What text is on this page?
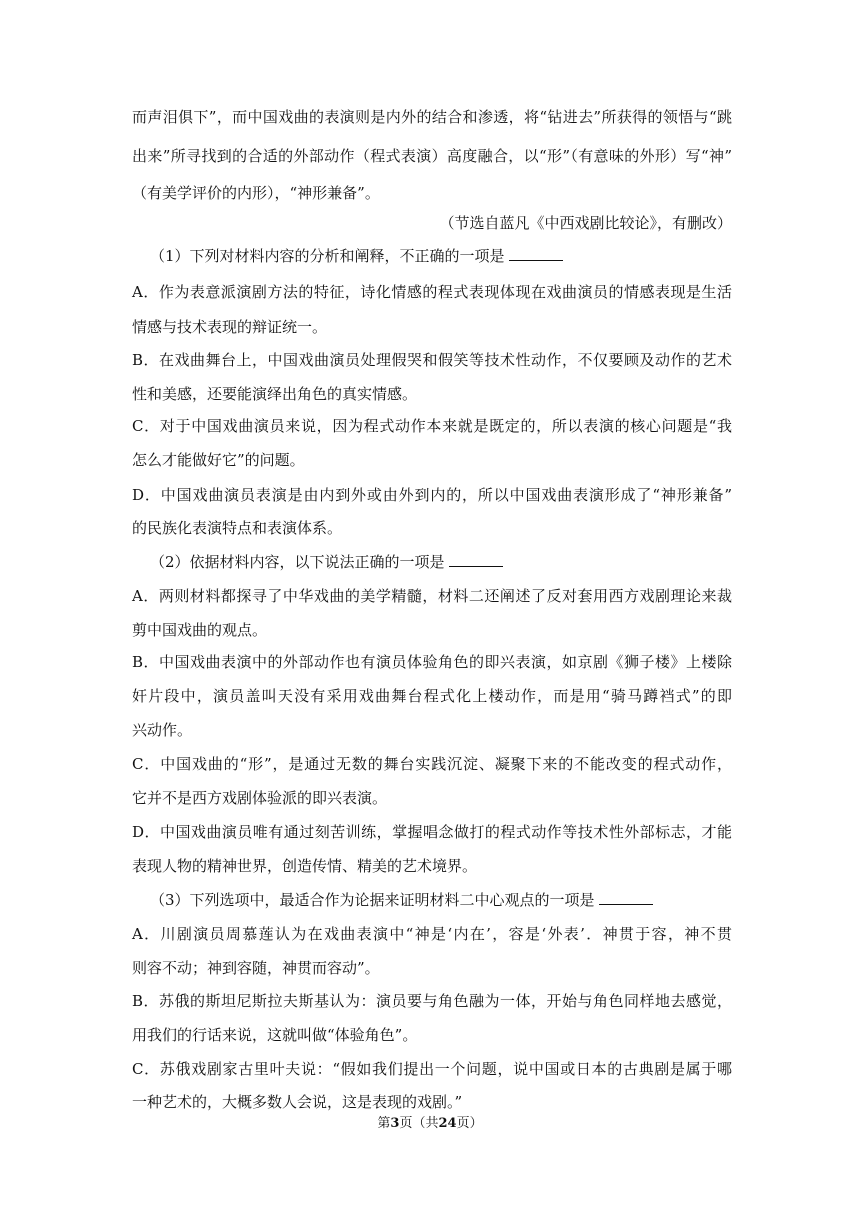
而声泪俱下”，而中国戏曲的表演则是内外的结合和渗透，将“钻进去”所获得的领悟与“跳
出来”所寻找到的合适的外部动作（程式表演）高度融合，以“形”（有意味的外形）写“神”
（有美学评价的内形），“神形兼备”。
（节选自蓝凡《中西戏剧比较论》，有删改）
（1）下列对材料内容的分析和阐释，不正确的一项是
A．作为表意派演剧方法的特征，诗化情感的程式表现体现在戏曲演员的情感表现是生活
情感与技术表现的辩证统一。
B．在戏曲舞台上，中国戏曲演员处理假哭和假笑等技术性动作，不仅要顾及动作的艺术
性和美感，还要能演绎出角色的真实情感。
C．对于中国戏曲演员来说，因为程式动作本来就是既定的，所以表演的核心问题是“我
怎么才能做好它”的问题。
D．中国戏曲演员表演是由内到外或由外到内的，所以中国戏曲表演形成了“神形兼备”
的民族化表演特点和表演体系。
（2）依据材料内容，以下说法正确的一项是
A．两则材料都探寻了中华戏曲的美学精髓，材料二还阐述了反对套用西方戏剧理论来裁
剪中国戏曲的观点。
B．中国戏曲表演中的外部动作也有演员体验角色的即兴表演，如京剧《狮子楼》上楼除
奸片段中，演员盖叫天没有采用戏曲舞台程式化上楼动作，而是用“骑马蹲裆式”的即
兴动作。
C．中国戏曲的“形”，是通过无数的舞台实践沉淀、凝聚下来的不能改变的程式动作，
它并不是西方戏剧体验派的即兴表演。
D．中国戏曲演员唯有通过刻苦训练，掌握唱念做打的程式动作等技术性外部标志，才能
表现人物的精神世界，创造传情、精美的艺术境界。
（3）下列选项中，最适合作为论据来证明材料二中心观点的一项是
A．川剧演员周慕莲认为在戏曲表演中“神是‘内在’，容是‘外表’．神贯于容，神不贯
则容不动；神到容随，神贯而容动”。
B．苏俄的斯坦尼斯拉夫斯基认为：演员要与角色融为一体，开始与角色同样地去感觉，
用我们的行话来说，这就叫做“体验角色”。
C．苏俄戏剧家古里叶夫说：“假如我们提出一个问题，说中国或日本的古典剧是属于哪
一种艺术的，大概多数人会说，这是表现的戏剧。”
第3页（共24页）
